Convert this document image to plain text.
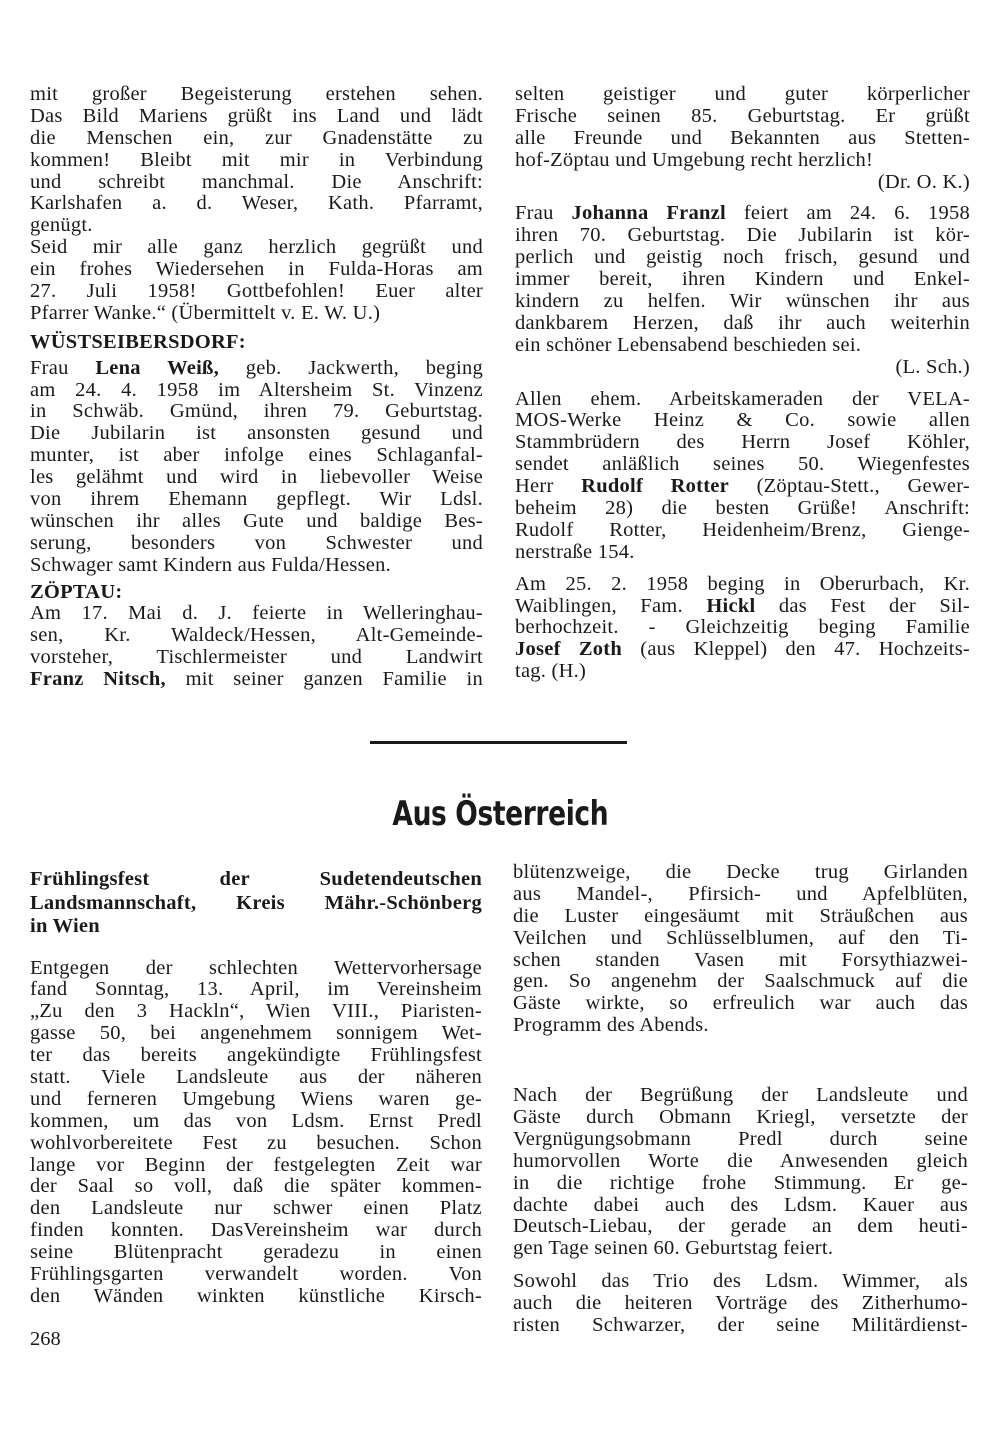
mit großer Begeisterung erstehen sehen.
Das Bild Mariens grüßt ins Land und lädt
die Menschen ein, zur Gnadenstätte zu
kommen! Bleibt mit mir in Verbindung
und schreibt manchmal. Die Anschrift:
Karlshafen a. d. Weser, Kath. Pfarramt,
genügt.
Seid mir alle ganz herzlich gegrüßt und
ein frohes Wiedersehen in Fulda-Horas am
27. Juli 1958! Gottbefohlen! Euer alter
Pfarrer Wanke.“ (Übermittelt v. E. W. U.)
WÜSTSEIBERSDORF:
Frau Lena Weiß, geb. Jackwerth, beging
am 24. 4. 1958 im Altersheim St. Vinzenz
in Schwäb. Gmünd, ihren 79. Geburtstag.
Die Jubilarin ist ansonsten gesund und
munter, ist aber infolge eines Schlaganfal-
les gelähmt und wird in liebevoller Weise
von ihrem Ehemann gepflegt. Wir Ldsl.
wünschen ihr alles Gute und baldige Bes-
serung, besonders von Schwester und
Schwager samt Kindern aus Fulda/Hessen.
ZÖPTAU:
Am 17. Mai d. J. feierte in Welleringhau-
sen, Kr. Waldeck/Hessen, Alt-Gemeinde-
vorsteher, Tischlermeister und Landwirt
Franz Nitsch, mit seiner ganzen Familie in
selten geistiger und guter körperlicher
Frische seinen 85. Geburtstag. Er grüßt
alle Freunde und Bekannten aus Stetten-
hof-Zöptau und Umgebung recht herzlich!
(Dr. O. K.)
Frau Johanna Franzl feiert am 24. 6. 1958
ihren 70. Geburtstag. Die Jubilarin ist kör-
perlich und geistig noch frisch, gesund und
immer bereit, ihren Kindern und Enkel-
kindern zu helfen. Wir wünschen ihr aus
dankbarem Herzen, daß ihr auch weiterhin
ein schöner Lebensabend beschieden sei.
(L. Sch.)
Allen ehem. Arbeitskameraden der VELA-
MOS-Werke Heinz & Co. sowie allen
Stammbrüdern des Herrn Josef Köhler,
sendet anläßlich seines 50. Wiegenfestes
Herr Rudolf Rotter (Zöptau-Stett., Gewer-
beheim 28) die besten Grüße! Anschrift:
Rudolf Rotter, Heidenheim/Brenz, Giengе-
nerstraße 154.
Am 25. 2. 1958 beging in Oberurbach, Kr.
Waiblingen, Fam. Hickl das Fest der Sil-
berhochzeit. - Gleichzeitig beging Familie
Josef Zoth (aus Kleppel) den 47. Hochzeits-
tag. (H.)
Aus Österreich
Frühlingsfest der Sudetendeutschen
Landsmannschaft, Kreis Mähr.-Schönberg
in Wien
Entgegen der schlechten Wettervorhersage
fand Sonntag, 13. April, im Vereinsheim
„Zu den 3 Hackln“, Wien VIII., Piaristen-
gasse 50, bei angenehmem sonnigem Wet-
ter das bereits angekündigte Frühlingsfest
statt. Viele Landsleute aus der näheren
und ferneren Umgebung Wiens waren ge-
kommen, um das von Ldsm. Ernst Predl
wohlvorbereitete Fest zu besuchen. Schon
lange vor Beginn der festgelegten Zeit war
der Saal so voll, daß die später kommen-
den Landsleute nur schwer einen Platz
finden konnten. DasVereinsheim war durch
seine Blütenpracht geradezu in einen
Frühlingsgarten verwandelt worden. Von
den Wänden winkten künstliche Kirsch-
blütenzweige, die Decke trug Girlanden
aus Mandel-, Pfirsich- und Apfelblüten,
die Luster eingesäumt mit Sträußchen aus
Veilchen und Schlüsselblumen, auf den Ti-
schen standen Vasen mit Forsythiazwei-
gen. So angenehm der Saalschmuck auf die
Gäste wirkte, so erfreulich war auch das
Programm des Abends.
Nach der Begrüßung der Landsleute und
Gäste durch Obmann Kriegl, versetzte der
Vergnügungsobmann Predl durch seine
humorvollen Worte die Anwesenden gleich
in die richtige frohe Stimmung. Er ge-
dachte dabei auch des Ldsm. Kauer aus
Deutsch-Liebau, der gerade an dem heuti-
gen Tage seinen 60. Geburtstag feiert.
Sowohl das Trio des Ldsm. Wimmer, als
auch die heiteren Vorträge des Zitherhumo-
risten Schwarzer, der seine Militärdienst-
268
